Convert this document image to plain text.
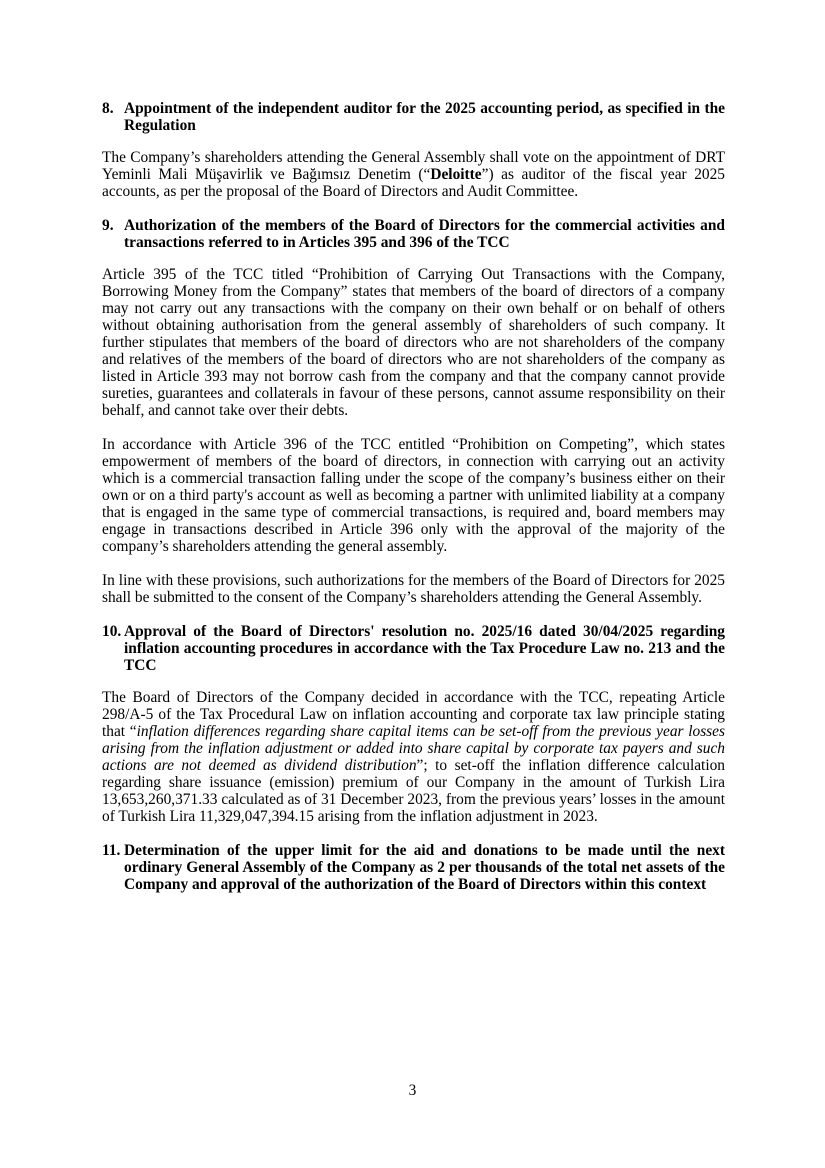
8. Appointment of the independent auditor for the 2025 accounting period, as specified in the Regulation

The Company’s shareholders attending the General Assembly shall vote on the appointment of DRT Yeminli Mali Müşavirlik ve Bağımsız Denetim (“Deloitte”) as auditor of the fiscal year 2025 accounts, as per the proposal of the Board of Directors and Audit Committee.

9. Authorization of the members of the Board of Directors for the commercial activities and transactions referred to in Articles 395 and 396 of the TCC

Article 395 of the TCC titled “Prohibition of Carrying Out Transactions with the Company, Borrowing Money from the Company” states that members of the board of directors of a company may not carry out any transactions with the company on their own behalf or on behalf of others without obtaining authorisation from the general assembly of shareholders of such company. It further stipulates that members of the board of directors who are not shareholders of the company and relatives of the members of the board of directors who are not shareholders of the company as listed in Article 393 may not borrow cash from the company and that the company cannot provide sureties, guarantees and collaterals in favour of these persons, cannot assume responsibility on their behalf, and cannot take over their debts.

In accordance with Article 396 of the TCC entitled “Prohibition on Competing”, which states empowerment of members of the board of directors, in connection with carrying out an activity which is a commercial transaction falling under the scope of the company’s business either on their own or on a third party's account as well as becoming a partner with unlimited liability at a company that is engaged in the same type of commercial transactions, is required and, board members may engage in transactions described in Article 396 only with the approval of the majority of the company’s shareholders attending the general assembly.

In line with these provisions, such authorizations for the members of the Board of Directors for 2025 shall be submitted to the consent of the Company’s shareholders attending the General Assembly.

10. Approval of the Board of Directors' resolution no. 2025/16 dated 30/04/2025 regarding inflation accounting procedures in accordance with the Tax Procedure Law no. 213 and the TCC

The Board of Directors of the Company decided in accordance with the TCC, repeating Article 298/A-5 of the Tax Procedural Law on inflation accounting and corporate tax law principle stating that “inflation differences regarding share capital items can be set-off from the previous year losses arising from the inflation adjustment or added into share capital by corporate tax payers and such actions are not deemed as dividend distribution”; to set-off the inflation difference calculation regarding share issuance (emission) premium of our Company in the amount of Turkish Lira 13,653,260,371.33 calculated as of 31 December 2023, from the previous years’ losses in the amount of Turkish Lira 11,329,047,394.15 arising from the inflation adjustment in 2023.

11. Determination of the upper limit for the aid and donations to be made until the next ordinary General Assembly of the Company as 2 per thousands of the total net assets of the Company and approval of the authorization of the Board of Directors within this context
3
